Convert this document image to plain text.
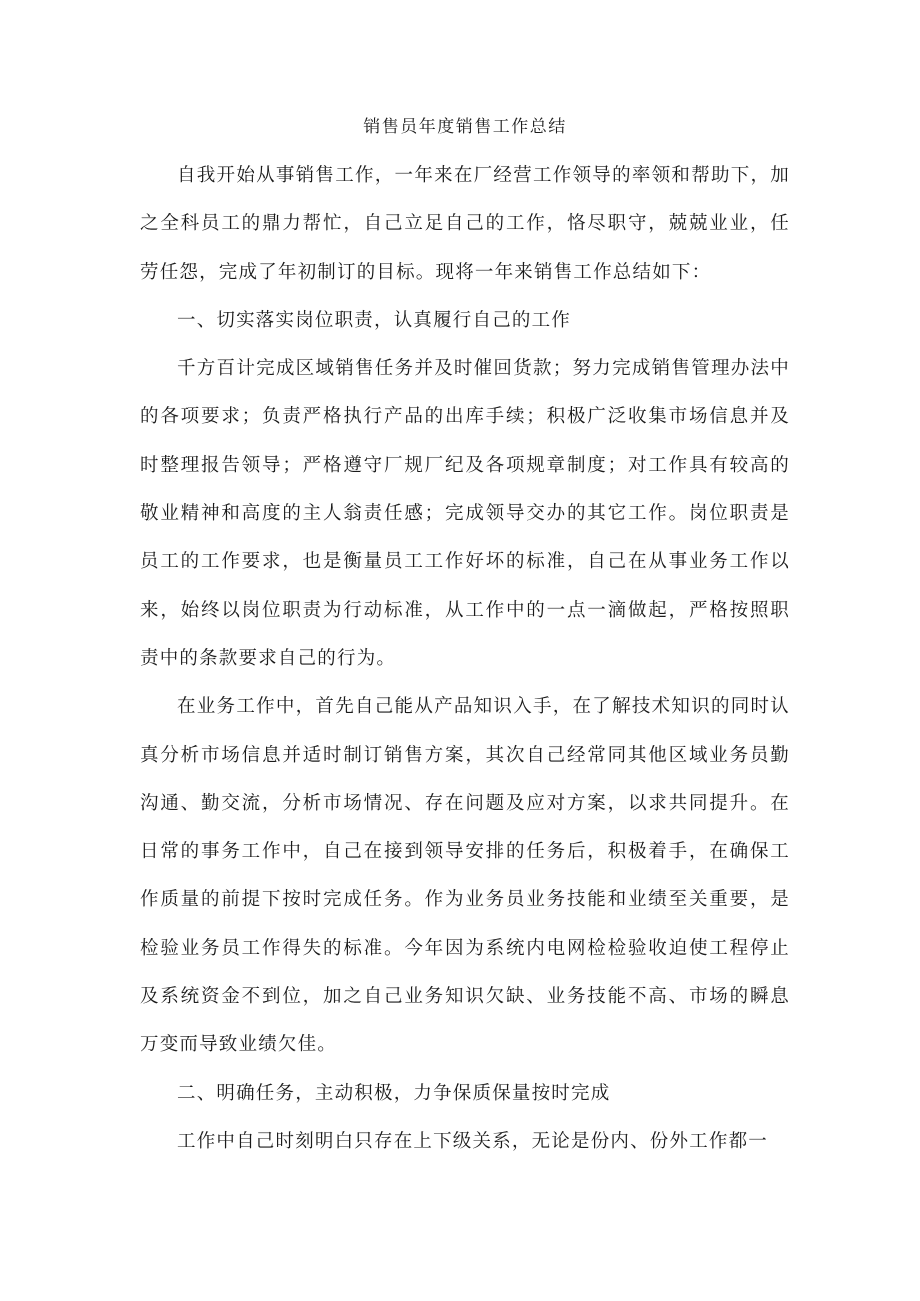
销售员年度销售工作总结

自我开始从事销售工作，一年来在厂经营工作领导的率领和帮助下，加之全科员工的鼎力帮忙，自己立足自己的工作，恪尽职守，兢兢业业，任劳任怨，完成了年初制订的目标。现将一年来销售工作总结如下：

一、切实落实岗位职责，认真履行自己的工作

千方百计完成区域销售任务并及时催回货款；努力完成销售管理办法中的各项要求；负责严格执行产品的出库手续；积极广泛收集市场信息并及时整理报告领导；严格遵守厂规厂纪及各项规章制度；对工作具有较高的敬业精神和高度的主人翁责任感；完成领导交办的其它工作。岗位职责是员工的工作要求，也是衡量员工工作好坏的标准，自己在从事业务工作以来，始终以岗位职责为行动标准，从工作中的一点一滴做起，严格按照职责中的条款要求自己的行为。

在业务工作中，首先自己能从产品知识入手，在了解技术知识的同时认真分析市场信息并适时制订销售方案，其次自己经常同其他区域业务员勤沟通、勤交流，分析市场情况、存在问题及应对方案，以求共同提升。在日常的事务工作中，自己在接到领导安排的任务后，积极着手，在确保工作质量的前提下按时完成任务。作为业务员业务技能和业绩至关重要，是检验业务员工作得失的标准。今年因为系统内电网检检验收迫使工程停止及系统资金不到位，加之自己业务知识欠缺、业务技能不高、市场的瞬息万变而导致业绩欠佳。

二、明确任务，主动积极，力争保质保量按时完成

工作中自己时刻明白只存在上下级关系，无论是份内、份外工作都一
